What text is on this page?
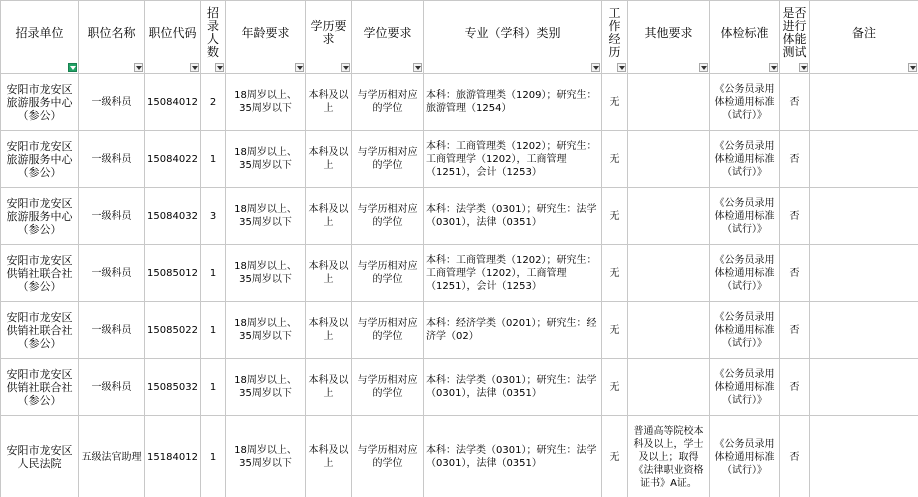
招录单位	职位名称	职位代码	招录人数	年龄要求	学历要求	学位要求	专业（学科）类别	工作经历	其他要求	体检标准	是否进行体能测试	备注

安阳市龙安区旅游服务中心（参公）	一级科员	15084012	2	18周岁以上、35周岁以下	本科及以上	与学历相对应的学位	本科：旅游管理类（1209）；研究生：旅游管理（1254）	无		《公务员录用体检通用标准（试行）》	否	
安阳市龙安区旅游服务中心（参公）	一级科员	15084022	1	18周岁以上、35周岁以下	本科及以上	与学历相对应的学位	本科：工商管理类（1202）；研究生：工商管理学（1202），工商管理（1251），会计（1253）	无		《公务员录用体检通用标准（试行）》	否	
安阳市龙安区旅游服务中心（参公）	一级科员	15084032	3	18周岁以上、35周岁以下	本科及以上	与学历相对应的学位	本科：法学类（0301）；研究生：法学（0301），法律（0351）	无		《公务员录用体检通用标准（试行）》	否	
安阳市龙安区供销社联合社（参公）	一级科员	15085012	1	18周岁以上、35周岁以下	本科及以上	与学历相对应的学位	本科：工商管理类（1202）；研究生：工商管理学（1202），工商管理（1251），会计（1253）	无		《公务员录用体检通用标准（试行）》	否	
安阳市龙安区供销社联合社（参公）	一级科员	15085022	1	18周岁以上、35周岁以下	本科及以上	与学历相对应的学位	本科：经济学类（0201）；研究生：经济学（02）	无		《公务员录用体检通用标准（试行）》	否	
安阳市龙安区供销社联合社（参公）	一级科员	15085032	1	18周岁以上、35周岁以下	本科及以上	与学历相对应的学位	本科：法学类（0301）；研究生：法学（0301），法律（0351）	无		《公务员录用体检通用标准（试行）》	否	
安阳市龙安区人民法院	五级法官助理	15184012	1	18周岁以上、35周岁以下	本科及以上	与学历相对应的学位	本科：法学类（0301）；研究生：法学（0301），法律（0351）	无	普通高等院校本科及以上，学士及以上；取得《法律职业资格证书》A证。	《公务员录用体检通用标准（试行）》	否	
